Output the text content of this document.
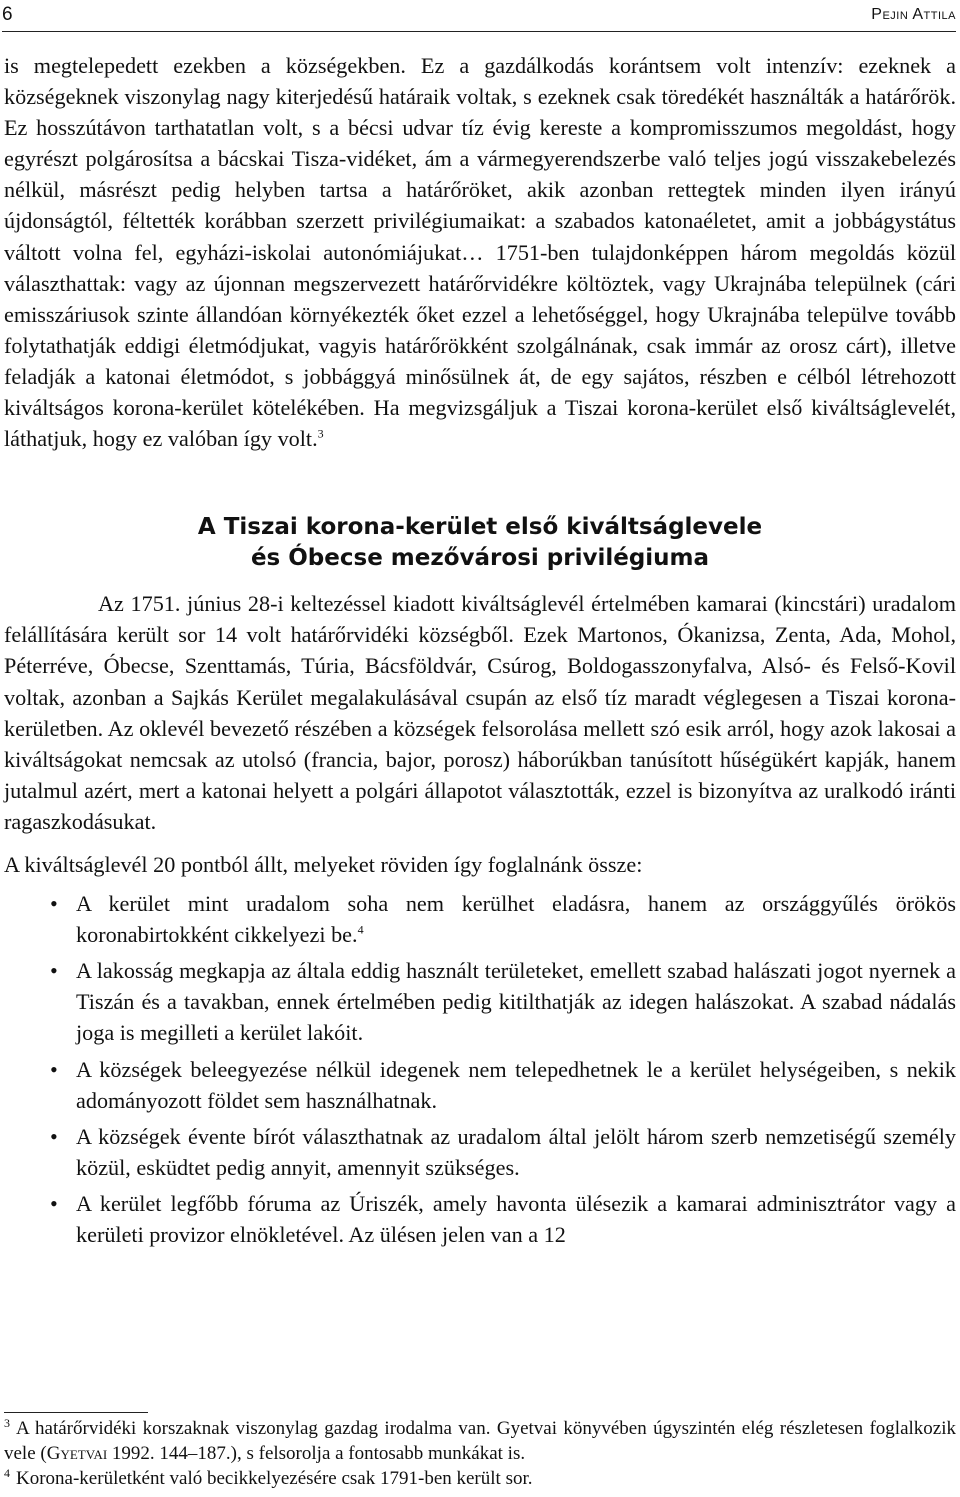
6	Pejin Attila

is megtelepedett ezekben a községekben. Ez a gazdálkodás korántsem volt intenzív: ezeknek a községeknek viszonylag nagy kiterjedésű határaik voltak, s ezeknek csak töredékét használták a határőrök. Ez hosszútávon tarthatatlan volt, s a bécsi udvar tíz évig kereste a kompromisszumos megoldást, hogy egyrészt polgárosítsa a bácskai Tisza-vidéket, ám a vármegyerendszerbe való teljes jogú visszakebelezés nélkül, másrészt pedig helyben tartsa a határőröket, akik azonban rettegtek minden ilyen irányú újdonságtól, féltették korábban szerzett privilégiumaikat: a szabados katonaéletet, amit a jobbágystátus váltott volna fel, egyházi-iskolai autonómiájukat… 1751-ben tulajdonképpen három megoldás közül választhattak: vagy az újonnan megszervezett határőrvidékre költöztek, vagy Ukrajnába települnek (cári emisszáriusok szinte állandóan környékezték őket ezzel a lehetőséggel, hogy Ukrajnába települve tovább folytathatják eddigi életmódjukat, vagyis határőrökként szolgálnának, csak immár az orosz cárt), illetve feladják a katonai életmódot, s jobbággyá minősülnek át, de egy sajátos, részben e célból létrehozott kiváltságos korona-kerület kötelékében. Ha megvizsgáljuk a Tiszai korona-kerület első kiváltságlevelét, láthatjuk, hogy ez valóban így volt.$^3$

A Tiszai korona-kerület első kiváltságlevele
és Óbecse mezővárosi privilégiuma

Az 1751. június 28-i keltezéssel kiadott kiváltságlevél értelmében kamarai (kincstári) uradalom felállítására került sor 14 volt határőrvidéki községből. Ezek Martonos, Ókanizsa, Zenta, Ada, Mohol, Péterréve, Óbecse, Szenttamás, Túria, Bácsföldvár, Csúrog, Boldogasszonyfalva, Alsó- és Felső-Kovil voltak, azonban a Sajkás Kerület megalakulásával csupán az első tíz maradt véglegesen a Tiszai korona-kerületben. Az oklevél bevezető részében a községek felsorolása mellett szó esik arról, hogy azok lakosai a kiváltságokat nemcsak az utolsó (francia, bajor, porosz) háborúkban tanúsított hűségükért kapják, hanem jutalmul azért, mert a katonai helyett a polgári állapotot választották, ezzel is bizonyítva az uralkodó iránti ragaszkodásukat.

A kiváltságlevél 20 pontból állt, melyeket röviden így foglalnánk össze:

• A kerület mint uradalom soha nem kerülhet eladásra, hanem az országgyűlés örökös koronabirtokként cikkelyezi be.$^4$
• A lakosság megkapja az általa eddig használt területeket, emellett szabad halászati jogot nyernek a Tiszán és a tavakban, ennek értelmében pedig kitilthatják az idegen halászokat. A szabad nádalás joga is megilleti a kerület lakóit.
• A községek beleegyezése nélkül idegenek nem telepedhetnek le a kerület helységeiben, s nekik adományozott földet sem használhatnak.
• A községek évente bírót választhatnak az uradalom által jelölt három szerb nemzetiségű személy közül, esküdtet pedig annyit, amennyit szükséges.
• A kerület legfőbb fóruma az Úriszék, amely havonta ülésezik a kamarai adminisztrátor vagy a kerületi provizor elnökletével. Az ülésen jelen van a 12

$^3$ A határőrvidéki korszaknak viszonylag gazdag irodalma van. Gyetvai könyvében úgyszintén elég részletesen foglalkozik vele (Gyetvai 1992. 144–187.), s felsorolja a fontosabb munkákat is.

$^4$ Korona-kerületként való becikkelyezésére csak 1791-ben került sor.
